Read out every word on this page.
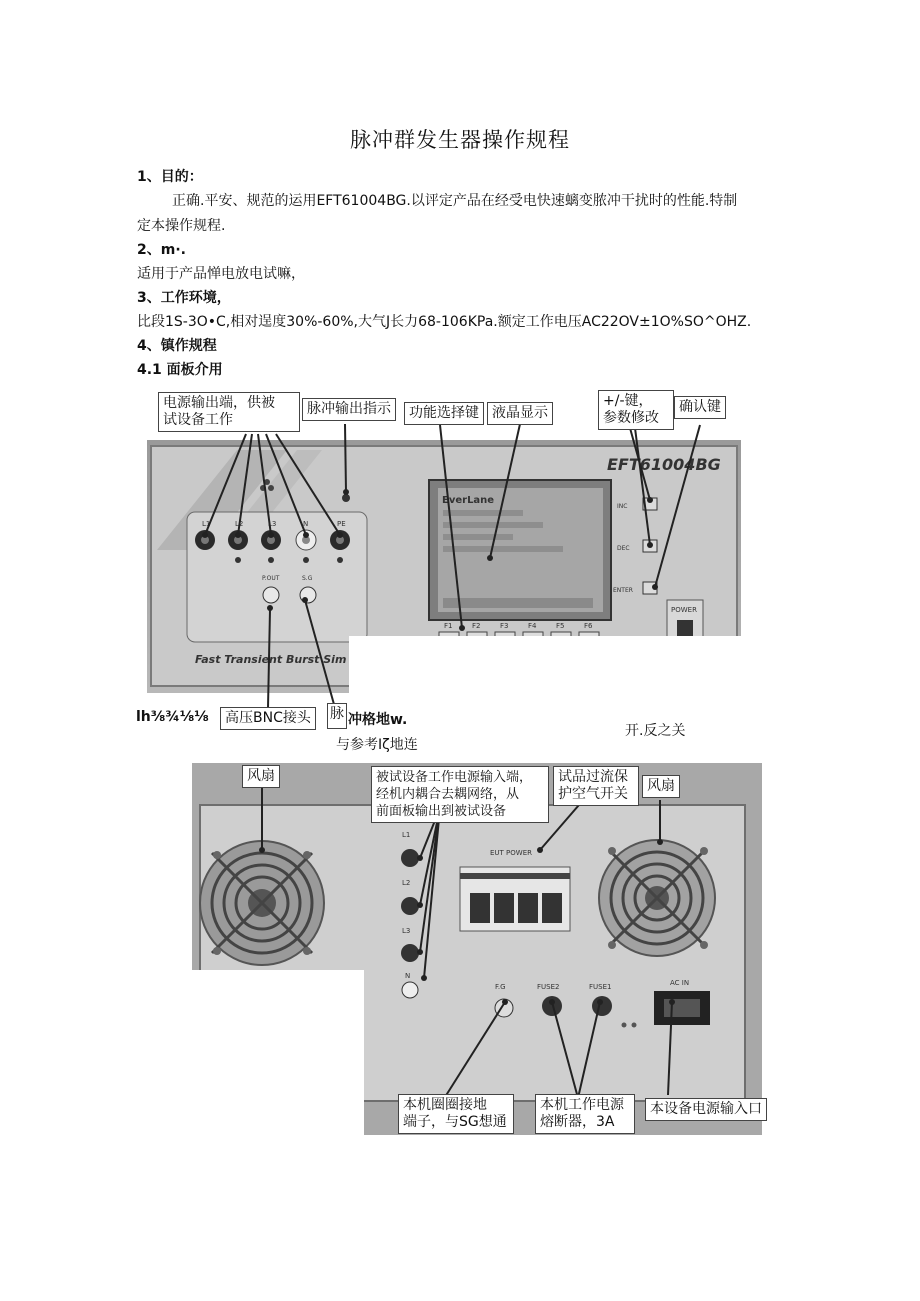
脉冲群发生器操作规程
1、目的：
正确.平安、规范的运用EFT61004BG.以评定产品在经受电快速螭变脓冲干扰时的性能.特制
定本操作规程.
2、m·.
适用于产品惮电放电试嘛，
3、工作环境，
比段1S-3O•C,相对逞度30%-60%,大气J长力68-106KPa.额定工作电压AC22OV±1O%SO^OHZ.
4、镇作规程
4.1 面板介用
EFT61004BG
L1	L2	L3	N	PE
P.OUT	S.G
EverLane
INC
DEC
ENTER
F1	F2	F3	F4	F5	F6
POWER
Fast Transient Burst Sim
电源输出端，供被
试设备工作
脉冲输出指示	功能选择键 液晶显示
+/-键，
参数修改
确认键
lh⅜¾⅛⅛	高压BNC接头	脉 冲格地w.
与参考Iζ地连
开.反之关
L1
L2
L3
N
EUT POWER
F.G	FUSE2	FUSE1	AC IN
风扇	被试设备工作电源输入端，
经机内耦合去耦网络，从
前面板输出到被试设备
试品过流保
护空气开关	风扇
本机圈圈接地
端子，与SG想通
本机工作电源
熔断器，3A
本设备电源输入口
